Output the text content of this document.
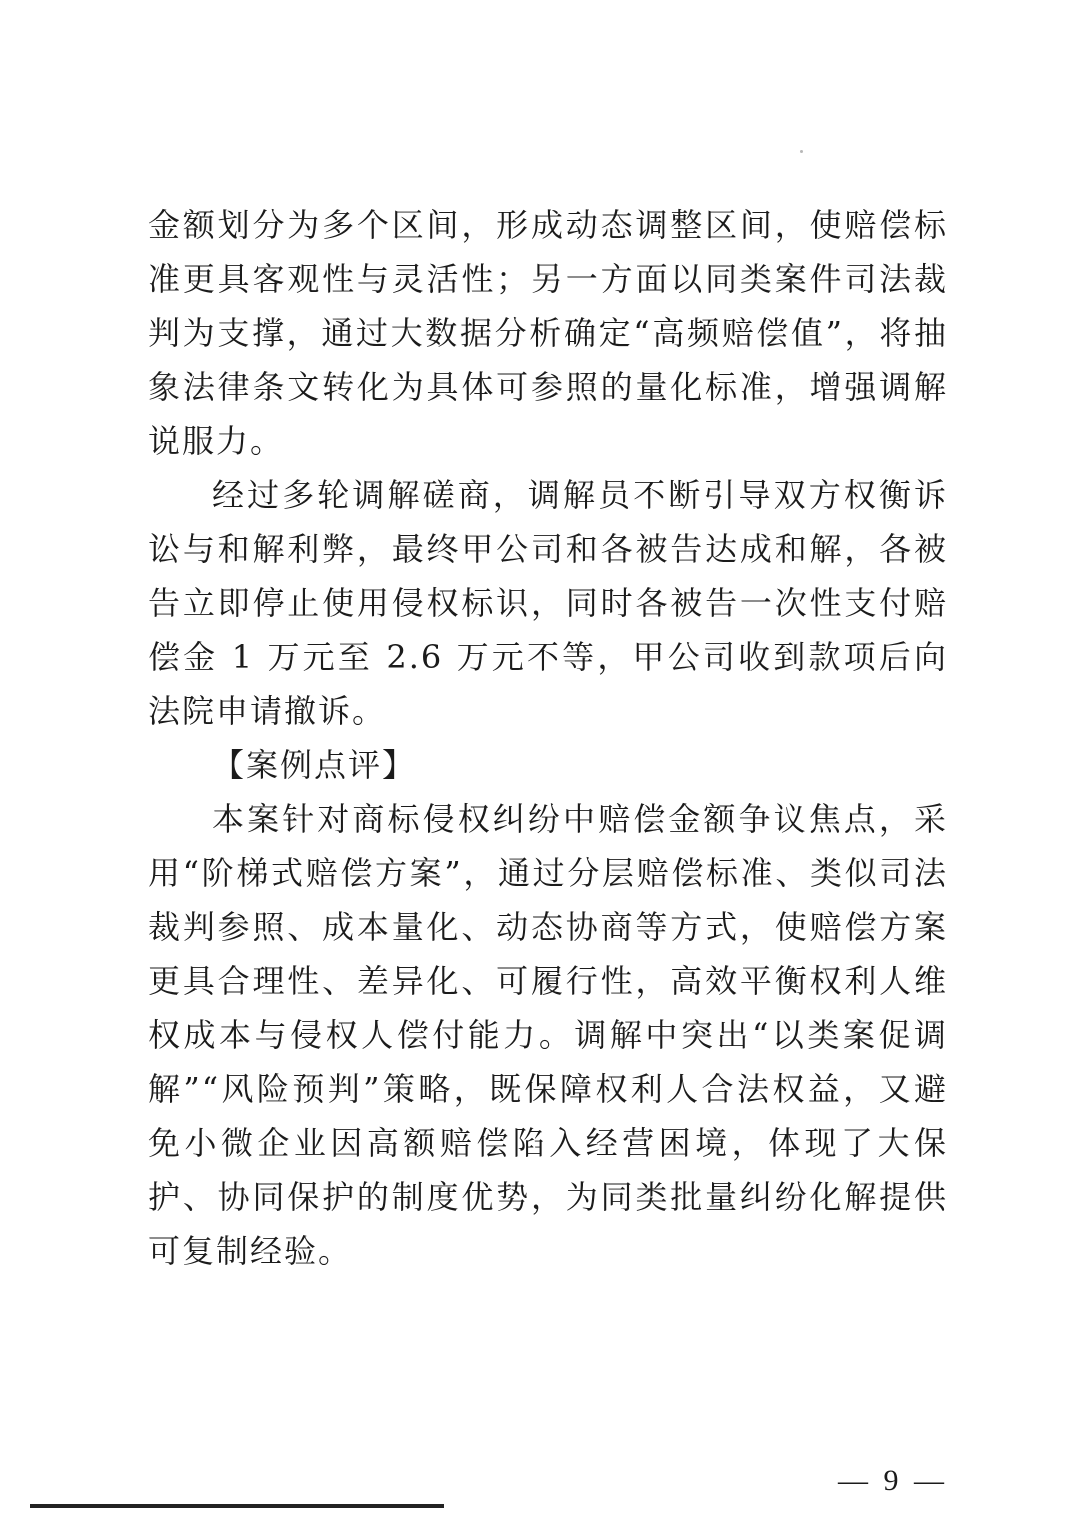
金额划分为多个区间，形成动态调整区间，使赔偿标准更具客观性与灵活性；另一方面以同类案件司法裁判为支撑，通过大数据分析确定“高频赔偿值”，将抽象法律条文转化为具体可参照的量化标准，增强调解说服力。

经过多轮调解磋商，调解员不断引导双方权衡诉讼与和解利弊，最终甲公司和各被告达成和解，各被告立即停止使用侵权标识，同时各被告一次性支付赔偿金 1 万元至 2.6 万元不等，甲公司收到款项后向法院申请撤诉。

【案例点评】

本案针对商标侵权纠纷中赔偿金额争议焦点，采用“阶梯式赔偿方案”，通过分层赔偿标准、类似司法裁判参照、成本量化、动态协商等方式，使赔偿方案更具合理性、差异化、可履行性，高效平衡权利人维权成本与侵权人偿付能力。调解中突出“以类案促调解”“风险预判”策略，既保障权利人合法权益，又避免小微企业因高额赔偿陷入经营困境，体现了大保护、协同保护的制度优势，为同类批量纠纷化解提供可复制经验。

— 9 —
